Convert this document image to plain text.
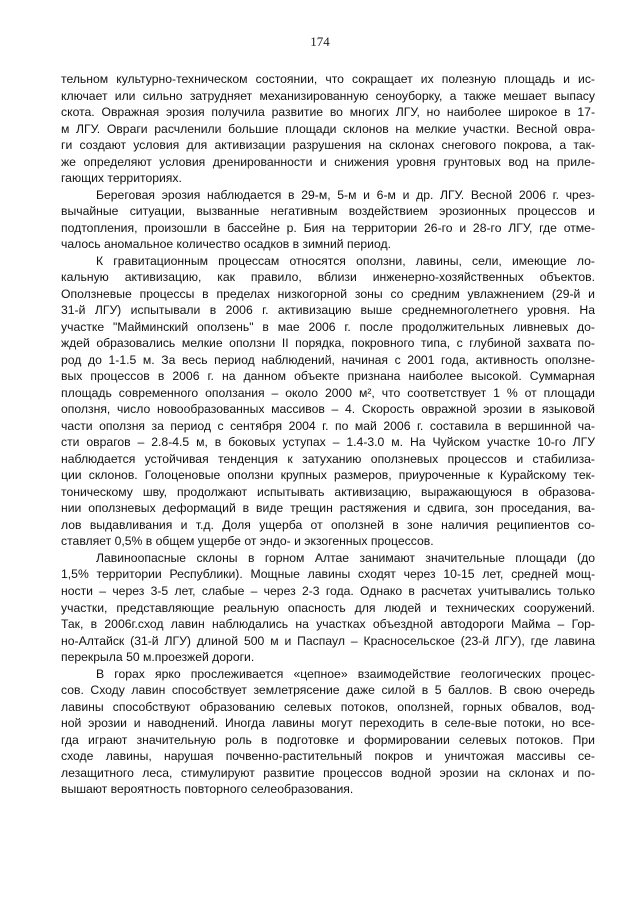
174
тельном культурно-техническом состоянии, что сокращает их полезную площадь и ис-
ключает или сильно затрудняет механизированную сеноуборку, а также мешает выпасу
скота. Овражная эрозия получила развитие во многих ЛГУ, но наиболее широкое в 17-
м ЛГУ. Овраги расчленили большие площади склонов на мелкие участки. Весной овра-
ги создают условия для активизации разрушения на склонах снегового покрова, а так-
же определяют условия дренированности и снижения уровня грунтовых вод на приле-
гающих территориях.
Береговая эрозия наблюдается в 29-м, 5-м и 6-м и др. ЛГУ. Весной 2006 г. чрез-
вычайные ситуации, вызванные негативным воздействием эрозионных процессов и
подтопления, произошли в бассейне р. Бия на территории 26-го и 28-го ЛГУ, где отме-
чалось аномальное количество осадков в зимний период.
К гравитационным процессам относятся оползни, лавины, сели, имеющие ло-
кальную активизацию, как правило, вблизи инженерно-хозяйственных объектов.
Оползневые процессы в пределах низкогорной зоны со средним увлажнением (29-й и
31-й ЛГУ) испытывали в 2006 г. активизацию выше среднемноголетнего уровня. На
участке "Майминский оползень" в мае 2006 г. после продолжительных ливневых до-
ждей образовались мелкие оползни II порядка, покровного типа, с глубиной захвата по-
род до 1-1.5 м. За весь период наблюдений, начиная с 2001 года, активность оползне-
вых процессов в 2006 г. на данном объекте признана наиболее высокой. Суммарная
площадь современного оползания – около 2000 м², что соответствует 1 % от площади
оползня, число новообразованных массивов – 4. Скорость овражной эрозии в языковой
части оползня за период с сентября 2004 г. по май 2006 г. составила в вершинной ча-
сти оврагов – 2.8-4.5 м, в боковых уступах – 1.4-3.0 м. На Чуйском участке 10-го ЛГУ
наблюдается устойчивая тенденция к затуханию оползневых процессов и стабилиза-
ции склонов. Голоценовые оползни крупных размеров, приуроченные к Курайскому тек-
тоническому шву, продолжают испытывать активизацию, выражающуюся в образова-
нии оползневых деформаций в виде трещин растяжения и сдвига, зон проседания, ва-
лов выдавливания и т.д. Доля ущерба от оползней в зоне наличия реципиентов со-
ставляет 0,5% в общем ущербе от эндо- и экзогенных процессов.
Лавиноопасные склоны в горном Алтае занимают значительные площади (до
1,5% территории Республики). Мощные лавины сходят через 10-15 лет, средней мощ-
ности – через 3-5 лет, слабые – через 2-3 года. Однако в расчетах учитывались только
участки, представляющие реальную опасность для людей и технических сооружений.
Так, в 2006г.сход лавин наблюдались на участках объездной автодороги Майма – Гор-
но-Алтайск (31-й ЛГУ) длиной 500 м и Паспаул – Красносельское (23-й ЛГУ), где лавина
перекрыла 50 м.проезжей дороги.
В горах ярко прослеживается «цепное» взаимодействие геологических процес-
сов. Сходу лавин способствует землетрясение даже силой в 5 баллов. В свою очередь
лавины способствуют образованию селевых потоков, оползней, горных обвалов, вод-
ной эрозии и наводнений. Иногда лавины могут переходить в селе-вые потоки, но все-
гда играют значительную роль в подготовке и формировании селевых потоков. При
сходе лавины, нарушая почвенно-растительный покров и уничтожая массивы се-
лезащитного леса, стимулируют развитие процессов водной эрозии на склонах и по-
вышают вероятность повторного селеобразования.
